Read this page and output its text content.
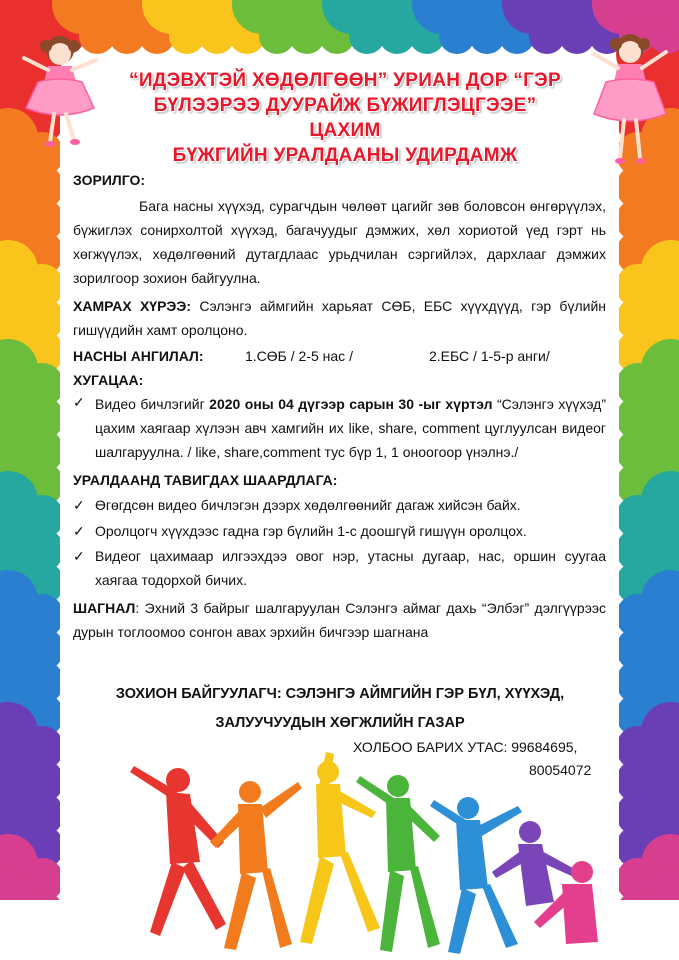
“ИДЭВХТЭЙ ХӨДӨЛГӨӨН” УРИАН ДОР “ГЭР
БҮЛЭЭРЭЭ ДУУРАЙЖ БҮЖИГЛЭЦГЭЭЕ” ЦАХИМ
БҮЖГИЙН УРАЛДААНЫ УДИРДАМЖ

ЗОРИЛГО:

Бага насны хүүхэд, сурагчдын чөлөөт цагийг зөв боловсон өнгөрүүлэх, бүжиглэх сонирхолтой хүүхэд, багачуудыг дэмжих, хөл хориотой үед гэрт нь хөгжүүлэх, хөдөлгөөний дутагдлаас урьдчилан сэргийлэх, дархлааг дэмжих зорилгоор зохион байгуулна.

ХАМРАХ ХҮРЭЭ: Сэлэнгэ аймгийн харьяат СӨБ, ЕБС хүүхдүүд, гэр бүлийн гишүүдийн хамт оролцоно.

НАСНЫ АНГИЛАЛ:	1.СӨБ / 2-5 нас /	2.ЕБС / 1-5-р анги/

ХУГАЦАА:

✓ Видео бичлэгийг 2020 оны 04 дүгээр сарын 30 -ыг хүртэл “Сэлэнгэ хүүхэд” цахим хаягаар хүлээн авч хамгийн их like, share, comment цуглуулсан видеог шалгаруулна. / like, share,comment тус бүр 1, 1 оноогоор үнэлнэ./

УРАЛДААНД ТАВИГДАХ ШААРДЛАГА:

✓ Өгөгдсөн видео бичлэгэн дээрх хөдөлгөөнийг дагаж хийсэн байх.

✓ Оролцогч хүүхдээс гадна гэр бүлийн 1-с доошгүй гишүүн оролцох.

✓ Видеог цахимаар илгээхдээ овог нэр, утасны дугаар, нас, оршин суугаа хаягаа тодорхой бичих.

ШАГНАЛ: Эхний 3 байрыг шалгаруулан Сэлэнгэ аймаг дахь “Элбэг” дэлгүүрээс дурын тоглоомоо сонгон авах эрхийн бичгээр шагнана

ЗОХИОН БАЙГУУЛАГЧ: СЭЛЭНГЭ АЙМГИЙН ГЭР БҮЛ, ХҮҮХЭД,
ЗАЛУУЧУУДЫН ХӨГЖЛИЙН ГАЗАР
ХОЛБОО БАРИХ УТАС: 99684695,
80054072
